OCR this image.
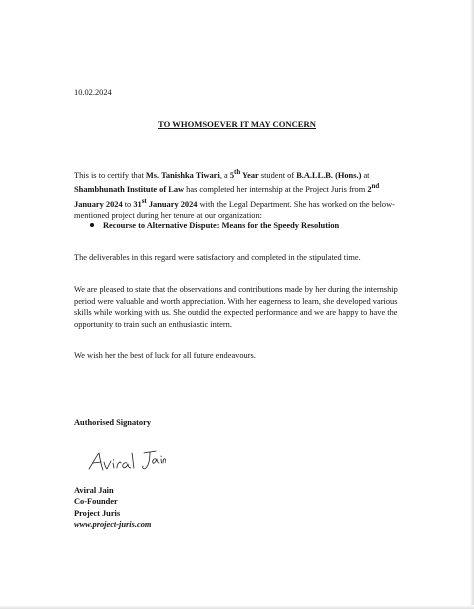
10.02.2024
TO WHOMSOEVER IT MAY CONCERN
This is to certify that Ms. Tanishka Tiwari, a 5th Year student of B.A.LL.B. (Hons.) at Shambhunath Institute of Law has completed her internship at the Project Juris from 2nd January 2024 to 31st January 2024 with the Legal Department. She has worked on the below-mentioned project during her tenure at our organization:
Recourse to Alternative Dispute: Means for the Speedy Resolution
The deliverables in this regard were satisfactory and completed in the stipulated time.
We are pleased to state that the observations and contributions made by her during the internship period were valuable and worth appreciation. With her eagerness to learn, she developed various skills while working with us. She outdid the expected performance and we are happy to have the opportunity to train such an enthusiastic intern.
We wish her the best of luck for all future endeavours.
Authorised Signatory
Aviral Jain
Co-Founder
Project Juris
www.project-juris.com
